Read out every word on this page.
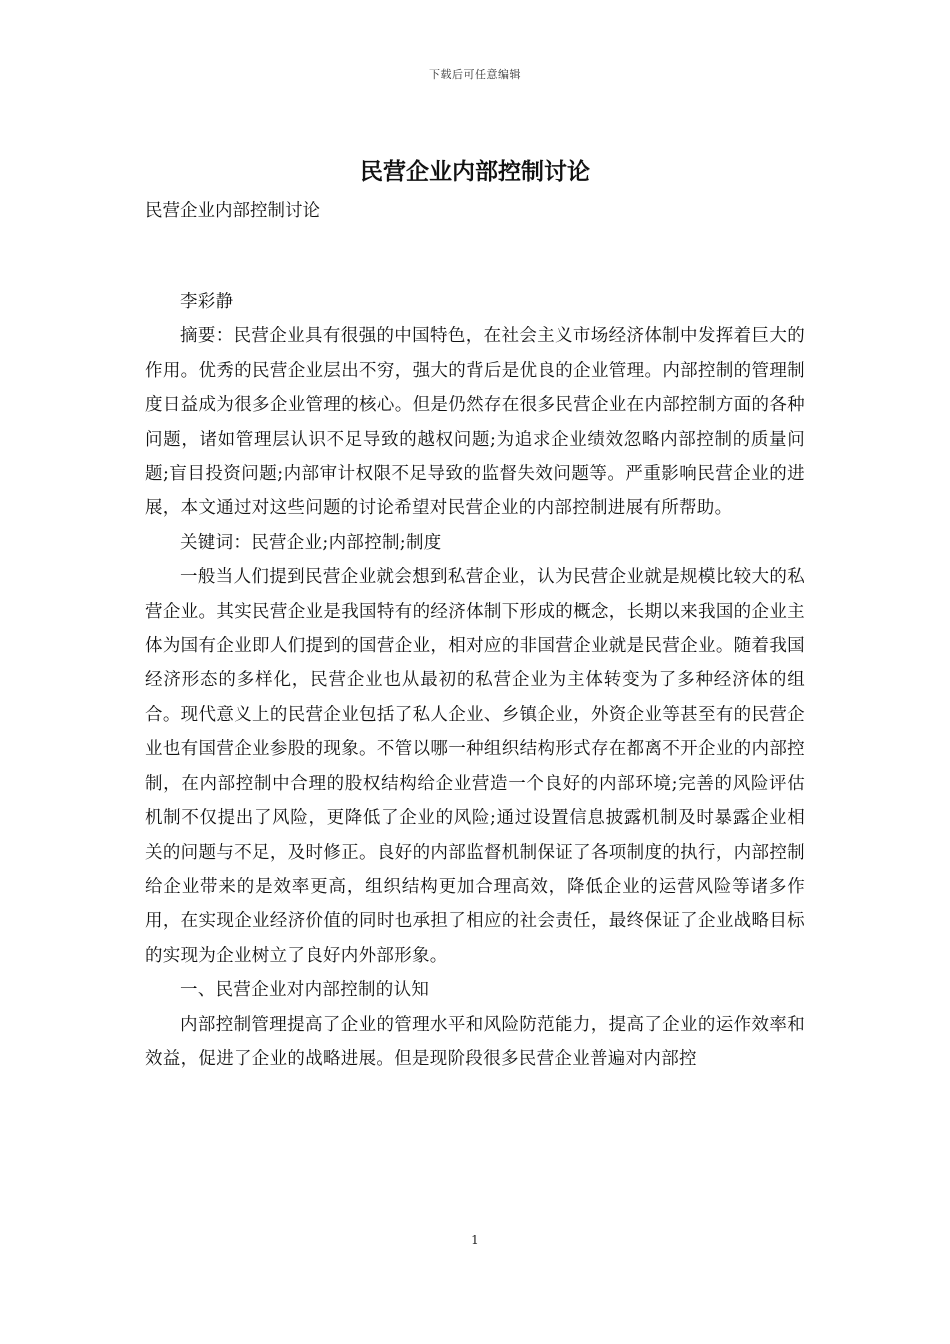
下载后可任意编辑
民营企业内部控制讨论
民营企业内部控制讨论

李彩静

摘要：民营企业具有很强的中国特色，在社会主义市场经济体制中发挥着巨大的作用。优秀的民营企业层出不穷，强大的背后是优良的企业管理。内部控制的管理制度日益成为很多企业管理的核心。但是仍然存在很多民营企业在内部控制方面的各种问题，诸如管理层认识不足导致的越权问题;为追求企业绩效忽略内部控制的质量问题;盲目投资问题;内部审计权限不足导致的监督失效问题等。严重影响民营企业的进展，本文通过对这些问题的讨论希望对民营企业的内部控制进展有所帮助。

关键词：民营企业;内部控制;制度

一般当人们提到民营企业就会想到私营企业，认为民营企业就是规模比较大的私营企业。其实民营企业是我国特有的经济体制下形成的概念，长期以来我国的企业主体为国有企业即人们提到的国营企业，相对应的非国营企业就是民营企业。随着我国经济形态的多样化，民营企业也从最初的私营企业为主体转变为了多种经济体的组合。现代意义上的民营企业包括了私人企业、乡镇企业，外资企业等甚至有的民营企业也有国营企业参股的现象。不管以哪一种组织结构形式存在都离不开企业的内部控制，在内部控制中合理的股权结构给企业营造一个良好的内部环境;完善的风险评估机制不仅提出了风险，更降低了企业的风险;通过设置信息披露机制及时暴露企业相关的问题与不足，及时修正。良好的内部监督机制保证了各项制度的执行，内部控制给企业带来的是效率更高，组织结构更加合理高效，降低企业的运营风险等诸多作用，在实现企业经济价值的同时也承担了相应的社会责任，最终保证了企业战略目标的实现为企业树立了良好内外部形象。

一、民营企业对内部控制的认知

内部控制管理提高了企业的管理水平和风险防范能力，提高了企业的运作效率和效益，促进了企业的战略进展。但是现阶段很多民营企业普遍对内部控

1
